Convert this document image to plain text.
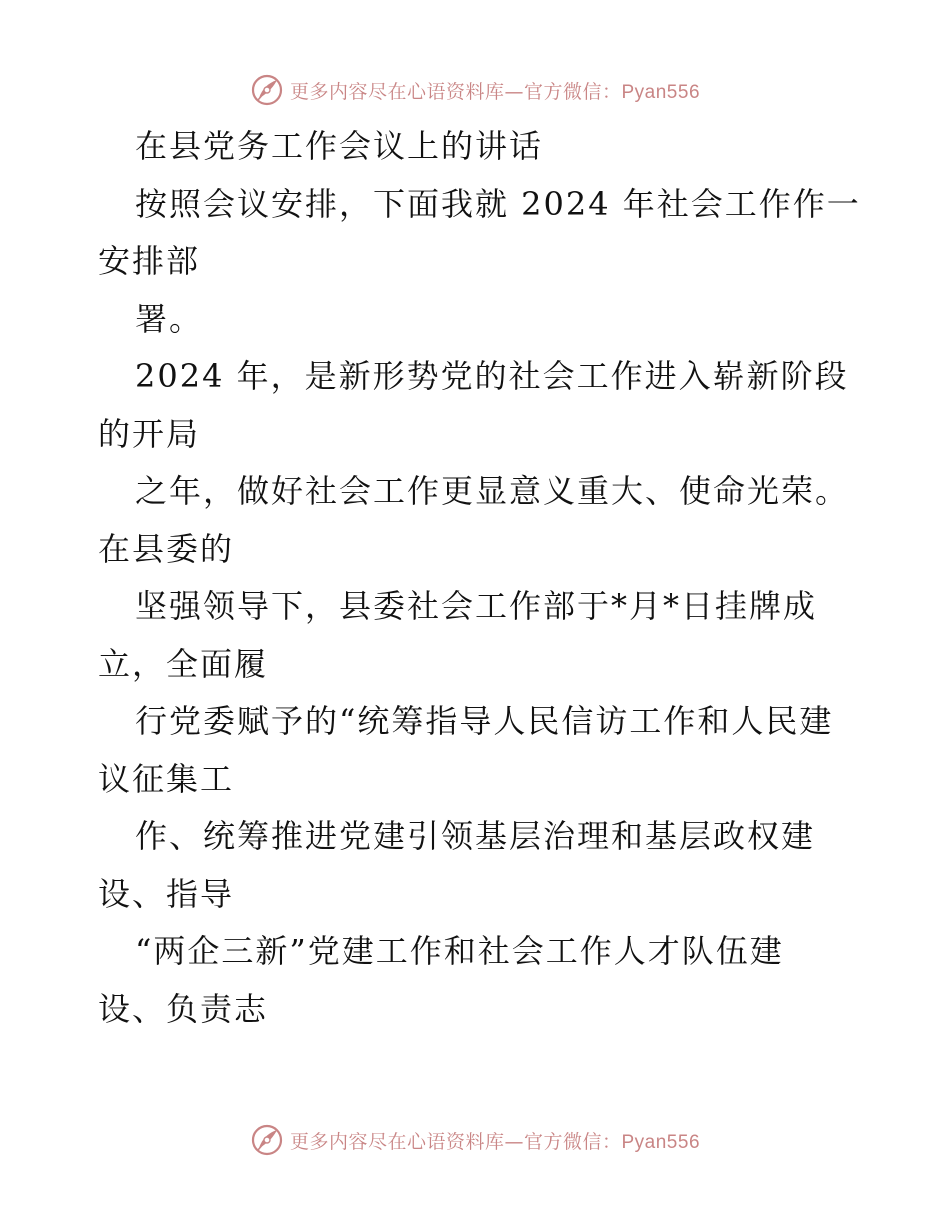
更多内容尽在心语资料库—官方微信：Pyan556
在县党务工作会议上的讲话
按照会议安排，下面我就 2024 年社会工作作一
安排部
署。
2024 年，是新形势党的社会工作进入崭新阶段
的开局
之年，做好社会工作更显意义重大、使命光荣。
在县委的
坚强领导下，县委社会工作部于*月*日挂牌成
立，全面履
行党委赋予的“统筹指导人民信访工作和人民建
议征集工
作、统筹推进党建引领基层治理和基层政权建
设、指导
“两企三新”党建工作和社会工作人才队伍建
设、负责志
更多内容尽在心语资料库—官方微信：Pyan556
